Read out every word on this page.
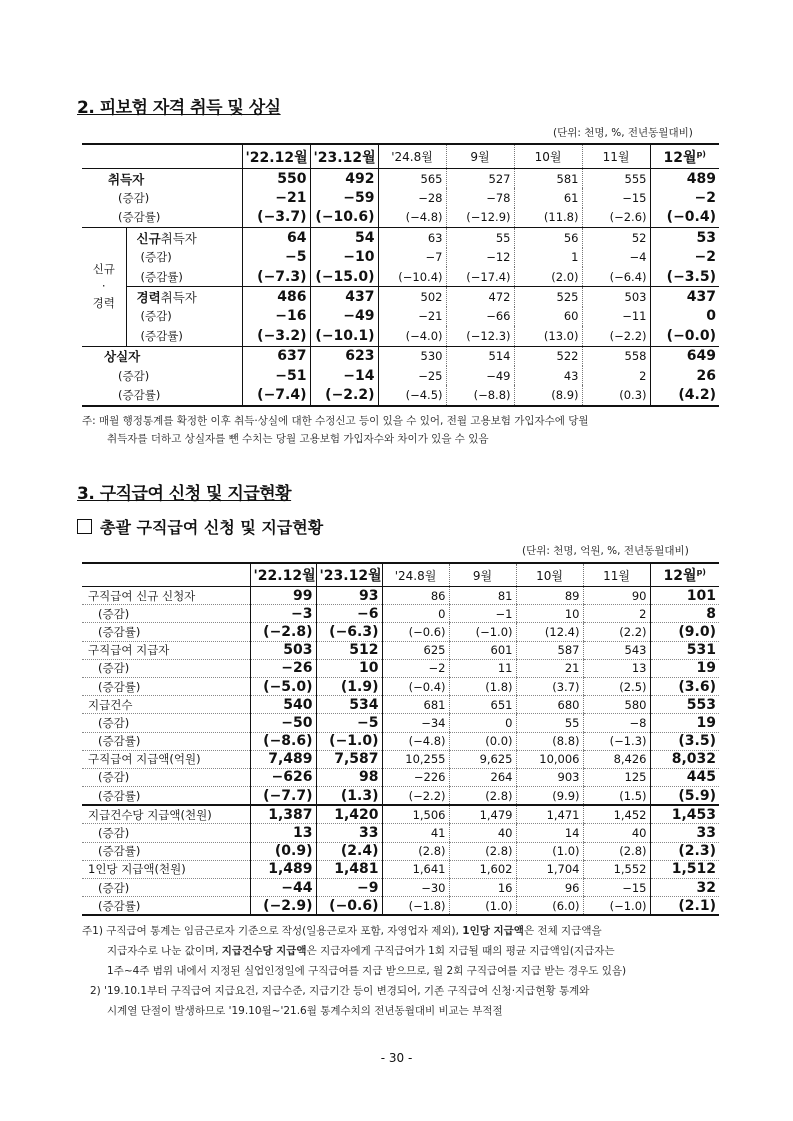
2. 피보험 자격 취득 및 상실
(단위: 천명, %, 전년동월대비)
		'22.12월	'23.12월	'24.8월	9월	10월	11월	12월$^{p)}$
취득자		550	492	565	527	581	555	489
(증감)		−21	−59	−28	−78	61	−15	−2
(증감률)		(−3.7)	(−10.6)	(−4.8)	(−12.9)	(11.8)	(−2.6)	(−0.4)

신규
·
경력	신규취득자	64	54	63	55	56	52	53
	(증감)	−5	−10	−7	−12	1	−4	−2
	(증감률)	(−7.3)	(−15.0)	(−10.4)	(−17.4)	(2.0)	(−6.4)	(−3.5)
	경력취득자	486	437	502	472	525	503	437
	(증감)	−16	−49	−21	−66	60	−11	0
	(증감률)	(−3.2)	(−10.1)	(−4.0)	(−12.3)	(13.0)	(−2.2)	(−0.0)
상실자		637	623	530	514	522	558	649
(증감)		−51	−14	−25	−49	43	2	26
(증감률)		(−7.4)	(−2.2)	(−4.5)	(−8.8)	(8.9)	(0.3)	(4.2)
주: 매월 행정통계를 확정한 이후 취득·상실에 대한 수정신고 등이 있을 수 있어, 전월 고용보험 가입자수에 당월
취득자를 더하고 상실자를 뺀 수치는 당월 고용보험 가입자수와 차이가 있을 수 있음
3. 구직급여 신청 및 지급현황
총괄 구직급여 신청 및 지급현황
(단위: 천명, 억원, %, 전년동월대비)
	'22.12월	'23.12월	'24.8월	9월	10월	11월	12월$^{p)}$
구직급여 신규 신청자	99	93	86	81	89	90	101
(증감)	−3	−6	0	−1	10	2	8
(증감률)	(−2.8)	(−6.3)	(−0.6)	(−1.0)	(12.4)	(2.2)	(9.0)
구직급여 지급자	503	512	625	601	587	543	531
(증감)	−26	10	−2	11	21	13	19
(증감률)	(−5.0)	(1.9)	(−0.4)	(1.8)	(3.7)	(2.5)	(3.6)
지급건수	540	534	681	651	680	580	553
(증감)	−50	−5	−34	0	55	−8	19
(증감률)	(−8.6)	(−1.0)	(−4.8)	(0.0)	(8.8)	(−1.3)	(3.5)
구직급여 지급액(억원)	7,489	7,587	10,255	9,625	10,006	8,426	8,032
(증감)	−626	98	−226	264	903	125	445
(증감률)	(−7.7)	(1.3)	(−2.2)	(2.8)	(9.9)	(1.5)	(5.9)
지급건수당 지급액(천원)	1,387	1,420	1,506	1,479	1,471	1,452	1,453
(증감)	13	33	41	40	14	40	33
(증감률)	(0.9)	(2.4)	(2.8)	(2.8)	(1.0)	(2.8)	(2.3)
1인당 지급액(천원)	1,489	1,481	1,641	1,602	1,704	1,552	1,512
(증감)	−44	−9	−30	16	96	−15	32
(증감률)	(−2.9)	(−0.6)	(−1.8)	(1.0)	(6.0)	(−1.0)	(2.1)
주1) 구직급여 통계는 임금근로자 기준으로 작성(일용근로자 포함, 자영업자 제외), 1인당 지급액은 전체 지급액을
지급자수로 나눈 값이며, 지급건수당 지급액은 지급자에게 구직급여가 1회 지급될 때의 평균 지급액임(지급자는
1주~4주 범위 내에서 지정된 실업인정일에 구직급여를 지급 받으므로, 월 2회 구직급여를 지급 받는 경우도 있음)
2) '19.10.1부터 구직급여 지급요건, 지급수준, 지급기간 등이 변경되어, 기존 구직급여 신청·지급현황 통계와
시계열 단절이 발생하므로 '19.10월~'21.6월 통계수치의 전년동월대비 비교는 부적절
- 30 -
